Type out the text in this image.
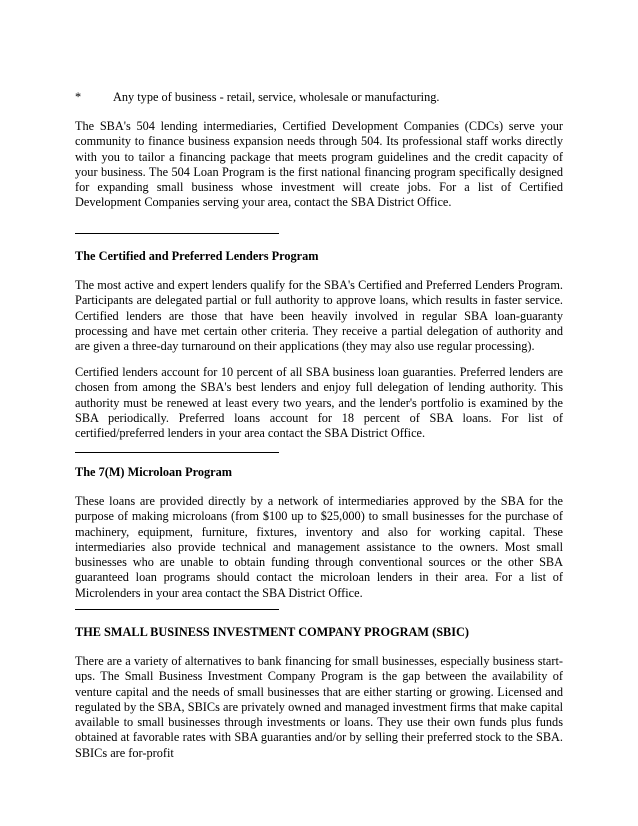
*	Any type of business - retail, service, wholesale or manufacturing.

The SBA's 504 lending intermediaries, Certified Development Companies (CDCs) serve your community to finance business expansion needs through 504. Its professional staff works directly with you to tailor a financing package that meets program guidelines and the credit capacity of your business. The 504 Loan Program is the first national financing program specifically designed for expanding small business whose investment will create jobs. For a list of Certified Development Companies serving your area, contact the SBA District Office.

The Certified and Preferred Lenders Program

The most active and expert lenders qualify for the SBA's Certified and Preferred Lenders Program. Participants are delegated partial or full authority to approve loans, which results in faster service. Certified lenders are those that have been heavily involved in regular SBA loan-guaranty processing and have met certain other criteria. They receive a partial delegation of authority and are given a three-day turnaround on their applications (they may also use regular processing).

Certified lenders account for 10 percent of all SBA business loan guaranties. Preferred lenders are chosen from among the SBA's best lenders and enjoy full delegation of lending authority. This authority must be renewed at least every two years, and the lender's portfolio is examined by the SBA periodically. Preferred loans account for 18 percent of SBA loans. For list of certified/preferred lenders in your area contact the SBA District Office.

The 7(M) Microloan Program

These loans are provided directly by a network of intermediaries approved by the SBA for the purpose of making microloans (from $100 up to $25,000) to small businesses for the purchase of machinery, equipment, furniture, fixtures, inventory and also for working capital. These intermediaries also provide technical and management assistance to the owners. Most small businesses who are unable to obtain funding through conventional sources or the other SBA guaranteed loan programs should contact the microloan lenders in their area. For a list of Microlenders in your area contact the SBA District Office.

THE SMALL BUSINESS INVESTMENT COMPANY PROGRAM (SBIC)

There are a variety of alternatives to bank financing for small businesses, especially business start-ups. The Small Business Investment Company Program is the gap between the availability of venture capital and the needs of small businesses that are either starting or growing. Licensed and regulated by the SBA, SBICs are privately owned and managed investment firms that make capital available to small businesses through investments or loans. They use their own funds plus funds obtained at favorable rates with SBA guaranties and/or by selling their preferred stock to the SBA. SBICs are for-profit
